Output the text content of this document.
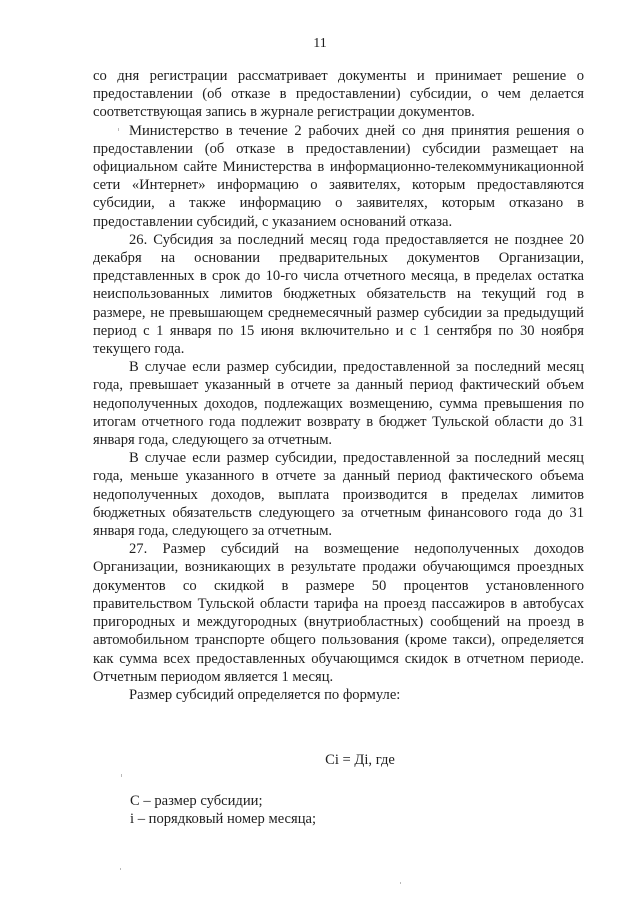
11

со дня регистрации рассматривает документы и принимает решение о предоставлении (об отказе в предоставлении) субсидии, о чем делается соответствующая запись в журнале регистрации документов.

Министерство в течение 2 рабочих дней со дня принятия решения о предоставлении (об отказе в предоставлении) субсидии размещает на официальном сайте Министерства в информационно-телекоммуникационной сети «Интернет» информацию о заявителях, которым предоставляются субсидии, а также информацию о заявителях, которым отказано в предоставлении субсидий, с указанием оснований отказа.

26. Субсидия за последний месяц года предоставляется не позднее 20 декабря на основании предварительных документов Организации, представленных в срок до 10-го числа отчетного месяца, в пределах остатка неиспользованных лимитов бюджетных обязательств на текущий год в размере, не превышающем среднемесячный размер субсидии за предыдущий период с 1 января по 15 июня включительно и с 1 сентября по 30 ноября текущего года.

В случае если размер субсидии, предоставленной за последний месяц года, превышает указанный в отчете за данный период фактический объем недополученных доходов, подлежащих возмещению, сумма превышения по итогам отчетного года подлежит возврату в бюджет Тульской области до 31 января года, следующего за отчетным.

В случае если размер субсидии, предоставленной за последний месяц года, меньше указанного в отчете за данный период фактического объема недополученных доходов, выплата производится в пределах лимитов бюджетных обязательств следующего за отчетным финансового года до 31 января года, следующего за отчетным.

27. Размер субсидий на возмещение недополученных доходов Организации, возникающих в результате продажи обучающимся проездных документов со скидкой в размере 50 процентов установленного правительством Тульской области тарифа на проезд пассажиров в автобусах пригородных и междугородных (внутриобластных) сообщений на проезд в автомобильном транспорте общего пользования (кроме такси), определяется как сумма всех предоставленных обучающимся скидок в отчетном периоде. Отчетным периодом является 1 месяц.

Размер субсидий определяется по формуле:

Ci = Дi, где
С – размер субсидии;
i – порядковый номер месяца;
